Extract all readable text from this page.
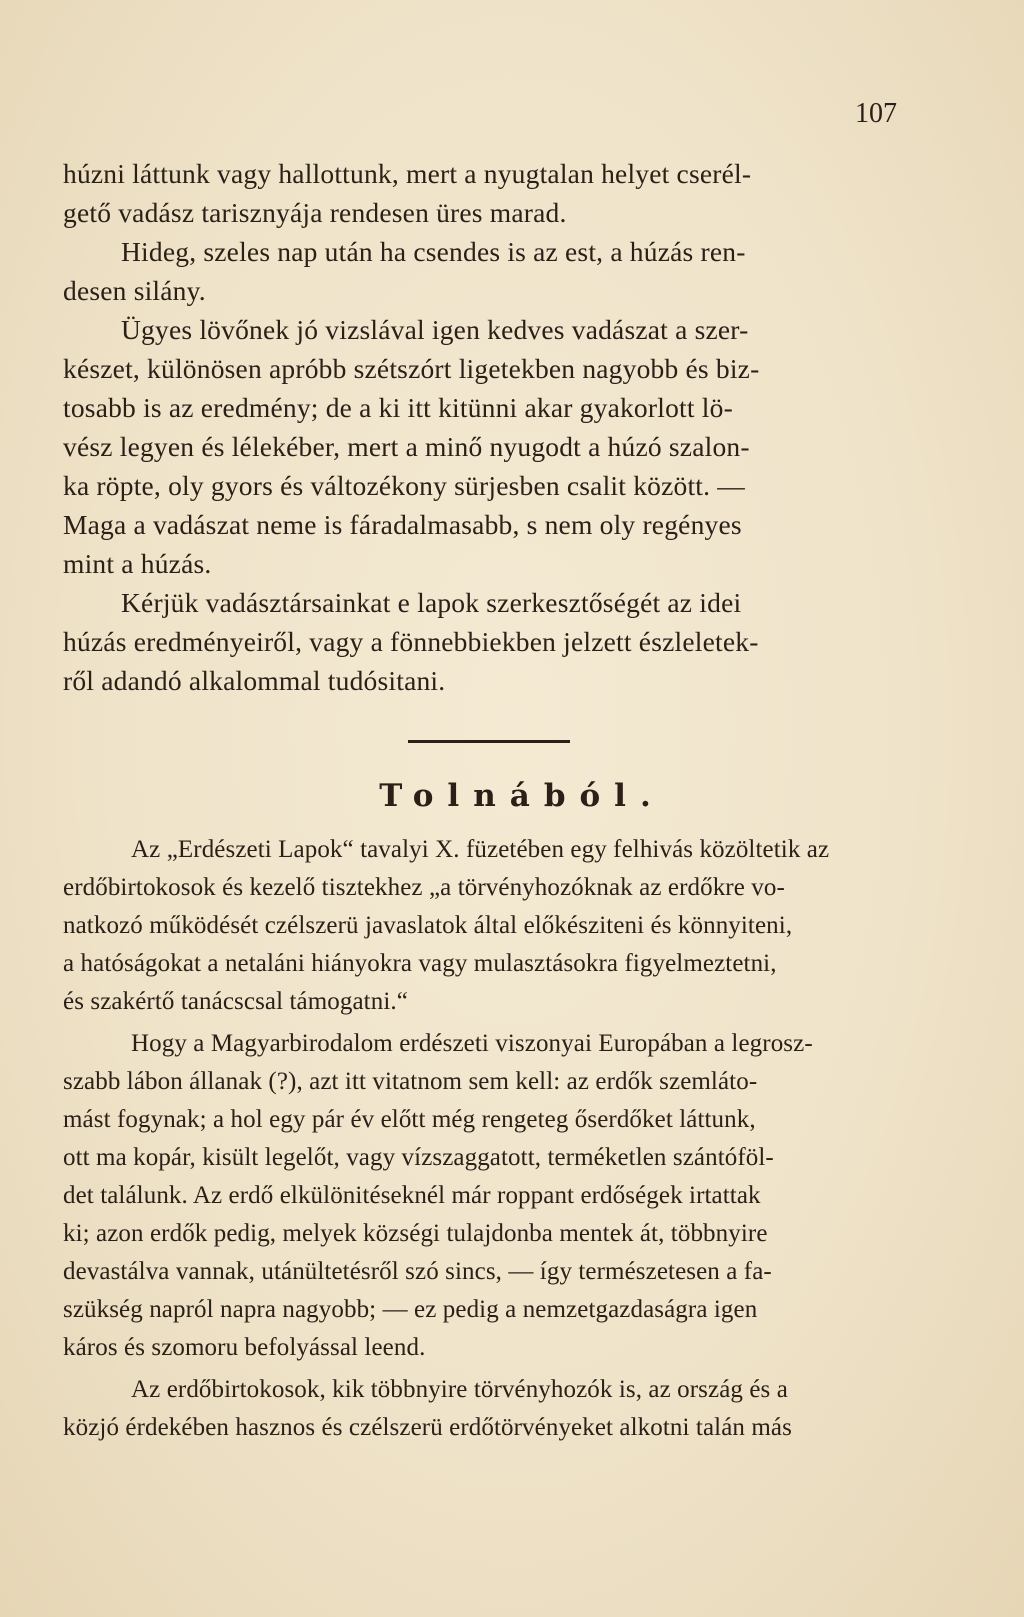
107
húzni láttunk vagy hallottunk, mert a nyugtalan helyet cserél-
gető vadász tarisznyája rendesen üres marad.
Hideg, szeles nap után ha csendes is az est, a húzás ren-
desen silány.
Ügyes lövőnek jó vizslával igen kedves vadászat a szer-
készet, különösen apróbb szétszórt ligetekben nagyobb és biz-
tosabb is az eredmény; de a ki itt kitünni akar gyakorlott lö-
vész legyen és lélekéber, mert a minő nyugodt a húzó szalon-
ka röpte, oly gyors és változékony sürjesben csalit között. —
Maga a vadászat neme is fáradalmasabb, s nem oly regényes
mint a húzás.
Kérjük vadásztársainkat e lapok szerkesztőségét az idei
húzás eredményeiről, vagy a fönnebbiekben jelzett észleletek-
ről adandó alkalommal tudósitani.
Tolnából.
Az „Erdészeti Lapok“ tavalyi X. füzetében egy felhivás közöltetik az
erdőbirtokosok és kezelő tisztekhez „a törvényhozóknak az erdőkre vo-
natkozó működését czélszerü javaslatok által előkésziteni és könnyiteni,
a hatóságokat a netaláni hiányokra vagy mulasztásokra figyelmeztetni,
és szakértő tanácscsal támogatni.“
Hogy a Magyarbirodalom erdészeti viszonyai Europában a legrosz-
szabb lábon állanak (?), azt itt vitatnom sem kell: az erdők szemláto-
mást fogynak; a hol egy pár év előtt még rengeteg őserdőket láttunk,
ott ma kopár, kisült legelőt, vagy vízszaggatott, terméketlen szántóföl-
det találunk. Az erdő elkülönitéseknél már roppant erdőségek irtattak
ki; azon erdők pedig, melyek községi tulajdonba mentek át, többnyire
devastálva vannak, utánültetésről szó sincs, — így természetesen a fa-
szükség napról napra nagyobb; — ez pedig a nemzetgazdaságra igen
káros és szomoru befolyással leend.
Az erdőbirtokosok, kik többnyire törvényhozók is, az ország és a
közjó érdekében hasznos és czélszerü erdőtörvényeket alkotni talán más
